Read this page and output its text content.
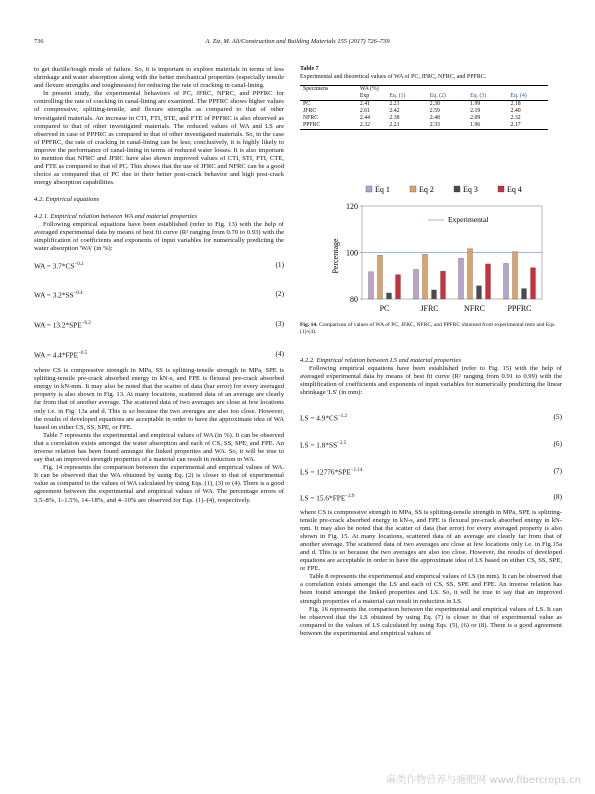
736	A. Ziz, M. Ali/Construction and Building Materials 155 (2017) 726–739

to get ductile/tough mode of failure. So, it is important to explore materials in terms of less shrinkage and water absorption along with the better mechanical properties (especially tensile and flexure strengths and toughnesses) for reducing the rate of cracking in canal-lining.

In present study, the experimental behaviors of PC, JFRC, NFRC, and PPFRC for controlling the rate of cracking in canal-lining are examined. The PPFRC shows higher values of compressive, splitting-tensile, and flexure strengths as compared to that of other investigated materials. An increase in CTI, FTI, STE, and FTE of PPFRC is also observed as compared to that of other investigated materials. The reduced values of WA and LS are observed in case of PPFRC as compared to that of other investigated materials. So, in the case of PPFRC, the rate of cracking in canal-lining can be less; conclusively, it is highly likely to improve the performance of canal-lining in terms of reduced water losses. It is also important to mention that NFRC and JFRC have also shown improved values of CTI, STI, FTI, CTE, and FTE as compared to that of PC. This shows that the use of JFRC and NFRC can be a good choice as compared that of PC due to their better post-crack behavior and high post-crack energy absorption capabilities.

4.2. Empirical equations

4.2.1. Empirical relation between WA and material properties

Following empirical equations have been established (refer to Fig. 13) with the help of averaged experimental data by means of best fit curve (R² ranging from 0.70 to 0.93) with the simplification of coefficients and exponents of input variables for numerically predicting the water absorption 'WA' (in %):

WA = $3.7*CS^{-0.2}$	(1)
WA = $3.2*SS^{-0.4}$	(2)
WA = $13.2*SPE^{-0.2}$	(3)
WA = $4.4*FPE^{-0.5}$	(4)

where CS is compressive strength in MPa, SS is splitting-tensile strength in MPa, SPE is splitting-tensile pre-crack absorbed energy in kN-s, and FPE is flexural pre-crack absorbed energy in kN-mm. It may also be noted that the scatter of data (bar error) for every averaged property is also shown in Fig. 13. At many locations, scattered data of an average are clearly far from that of another average. The scattered data of two averages are close at few locations only i.e. in Fig. 13a and d. This is so because the two averages are also too close. However, the results of developed equations are acceptable in order to have the approximate idea of WA based on either CS, SS, SPE, or FPE.

Table 7 represents the experimental and empirical values of WA (in %). It can be observed that a correlation exists amongst the water absorption and each of CS, SS, SPE, and FPE. An inverse relation has been found amongst the linked properties and WA. So, it will be true to say that an improved strength properties of a material can result in reduction in WA.

Fig. 14 represents the comparison between the experimental and empirical values of WA. It can be observed that the WA obtained by using Eq. (2) is closer to that of experimental value as compared to the values of WA calculated by using Eqs. (1), (3) or (4). There is a good agreement between the experimental and empirical values of WA. The percentage errors of 3.5–8%, 1–1.5%, 14–18%, and 4–10% are observed for Eqs. (1)–(4), respectively.

Table 7
Experimental and theoretical values of WA of PC, JFRC, NFRC, and PPFRC.
Specimens	WA (%)				
	Exp	Eq. (1)	Eq. (2)	Eq. (3)	Eq. (4)
PC	2.41	2.21	2.38	1.99	2.18
JFRC	2.61	2.42	2.59	2.19	2.40
NFRC	2.44	2.38	2.48	2.09	2.32
PPFRC	2.32	2.21	2.33	1.96	2.17
Eq 1	Eq 2	Eq 3	Eq 4
Experimental
80
100
120
PC	JFRC	NFRC	PPFRC
Percentage
Fig. 14. Comparison of values of WA of PC, JFRC, NFRC, and PPFRC obtained from experimental tests and Eqs. (1)-(4).

4.2.2. Empirical relation between LS and material properties

Following empirical equations have been established (refer to Fig. 15) with the help of averaged experimental data by means of best fit curve (R² ranging from 0.91 to 0.99) with the simplification of coefficients and exponents of input variables for numerically predicting the linear shrinkage 'LS' (in mm):

LS = $4.9*CS^{-1.2}$	(5)
LS = $1.8*SS^{-2.5}$	(6)
LS = $12776*SPE^{-1.14}$	(7)
LS = $15.6*FPE^{-2.9}$	(8)

where CS is compressive strength in MPa, SS is splitting-tensile strength in MPa, SPE is splitting-tensile pre-crack absorbed energy in kN-s, and FPE is flexural pre-crack absorbed energy in kN-mm. It may also be noted that the scatter of data (bar error) for every averaged property is also shown in Fig. 15. At many locations, scattered data of an average are clearly far from that of another average. The scattered data of two averages are close at few locations only i.e. in Fig.15a and d. This is so because the two averages are also too close. However, the results of developed equations are acceptable in order to have the approximate idea of LS based on either CS, SS, SPE, or FPE.

Table 8 represents the experimental and empirical values of LS (in mm). It can be observed that a correlation exists amongst the LS and each of CS, SS, SPE and FPE. An inverse relation has been found amongst the linked properties and LS. So, it will be true to say that an improved strength properties of a material can result in reduction in LS.

Fig. 16 represents the comparison between the experimental and empirical values of LS. It can be observed that the LS obtained by using Eq. (7) is closer to that of experimental value as compared to the values of LS calculated by using Eqs. (5), (6) or (8). There is a good agreement between the experimental and empirical values of

麻类作物营养与施肥网 www.fibercrops.cn
